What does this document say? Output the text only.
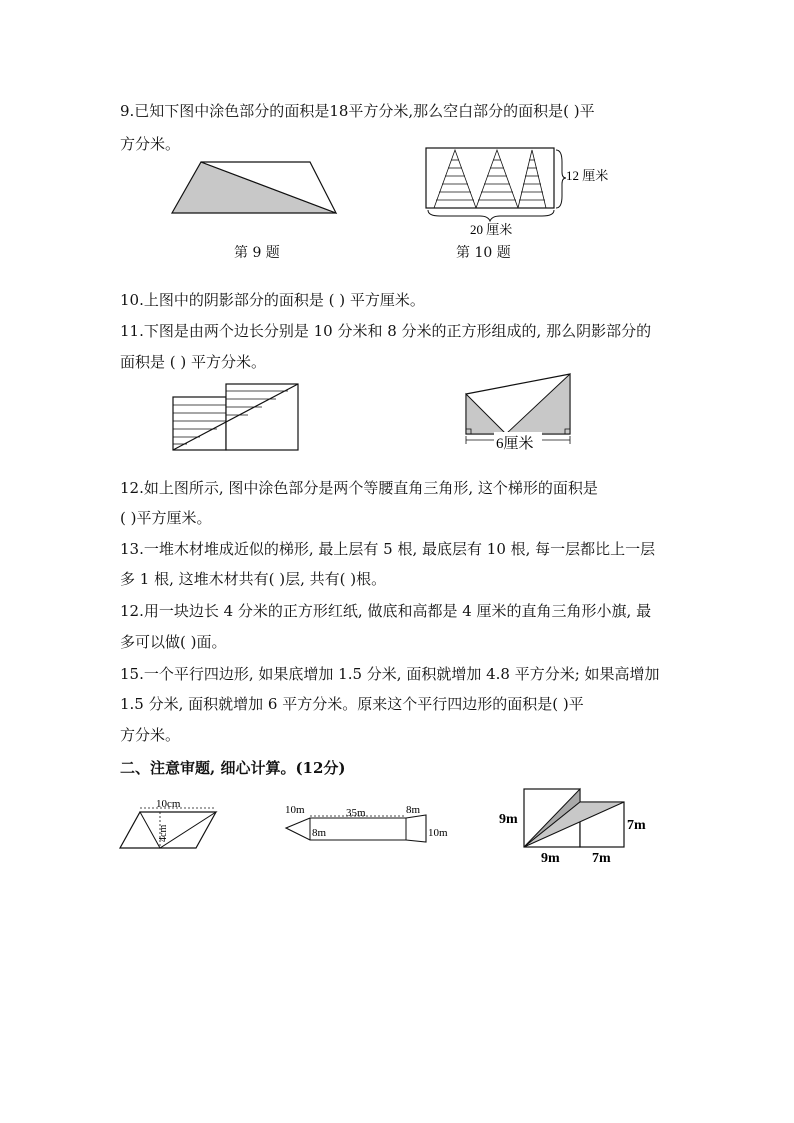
9.已知下图中涂色部分的面积是18平方分米,那么空白部分的面积是( )平
方分米。
12 厘米
20 厘米
第 9 题	第 10 题
10.上图中的阴影部分的面积是 ( ) 平方厘米。
11.下图是由两个边长分别是 10 分米和 8 分米的正方形组成的, 那么阴影部分的
面积是 ( ) 平方分米。
6厘米
12.如上图所示, 图中涂色部分是两个等腰直角三角形, 这个梯形的面积是
( )平方厘米。
13.一堆木材堆成近似的梯形, 最上层有 5 根, 最底层有 10 根, 每一层都比上一层
多 1 根, 这堆木材共有( )层, 共有( )根。
12.用一块边长 4 分米的正方形红纸, 做底和高都是 4 厘米的直角三角形小旗, 最
多可以做( )面。
15.一个平行四边形, 如果底增加 1.5 分米, 面积就增加 4.8 平方分米; 如果高增加
1.5 分米, 面积就增加 6 平方分米。原来这个平行四边形的面积是( )平
方分米。
二、注意审题, 细心计算。(12分)
10cm
4cm
10m	35m	8m
8m	10m
9m	7m
9m 7m
